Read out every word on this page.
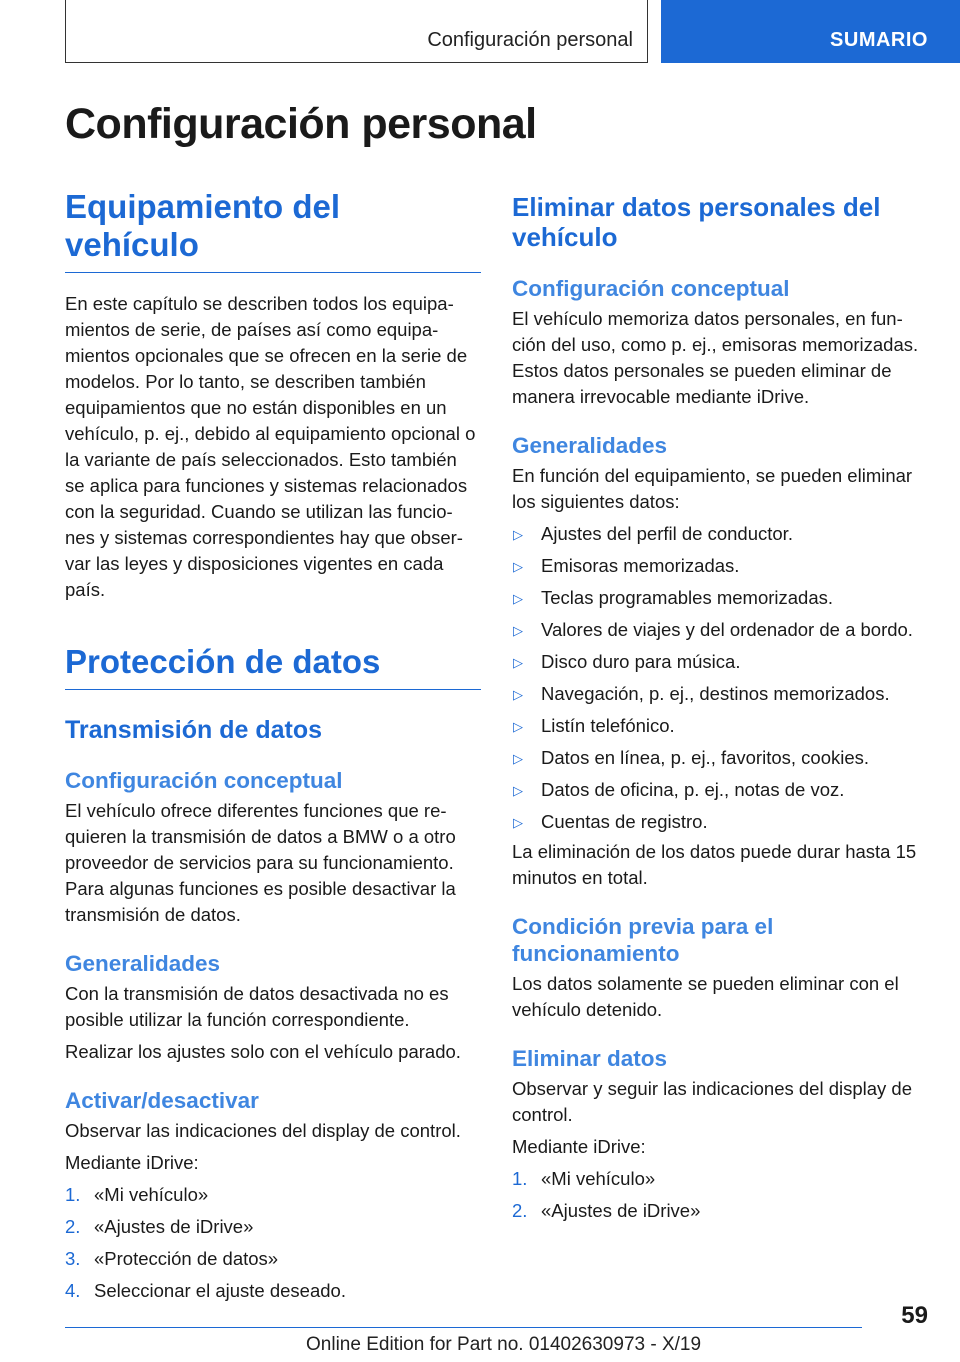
Configuración personal	SUMARIO
Configuración personal
Equipamiento del vehículo

En este capítulo se describen todos los equipa-mientos de serie, de países así como equipa-mientos opcionales que se ofrecen en la serie de modelos. Por lo tanto, se describen también equipamientos que no están disponibles en un vehículo, p. ej., debido al equipamiento opcional o la variante de país seleccionados. Esto también se aplica para funciones y sistemas relacionados con la seguridad. Cuando se utilizan las funcio-nes y sistemas correspondientes hay que obser-var las leyes y disposiciones vigentes en cada país.

Protección de datos
Transmisión de datos
Configuración conceptual

El vehículo ofrece diferentes funciones que re-quieren la transmisión de datos a BMW o a otro proveedor de servicios para su funcionamiento. Para algunas funciones es posible desactivar la transmisión de datos.

Generalidades

Con la transmisión de datos desactivada no es posible utilizar la función correspondiente.

Realizar los ajustes solo con el vehículo parado.

Activar/desactivar

Observar las indicaciones del display de control.

Mediante iDrive:

1. «Mi vehículo»
2. «Ajustes de iDrive»
3. «Protección de datos»
4. Seleccionar el ajuste deseado.
Eliminar datos personales del vehículo
Configuración conceptual

El vehículo memoriza datos personales, en fun-ción del uso, como p. ej., emisoras memorizadas. Estos datos personales se pueden eliminar de manera irrevocable mediante iDrive.

Generalidades

En función del equipamiento, se pueden eliminar los siguientes datos:

▷ Ajustes del perfil de conductor.
▷ Emisoras memorizadas.
▷ Teclas programables memorizadas.
▷ Valores de viajes y del ordenador de a bordo.
▷ Disco duro para música.
▷ Navegación, p. ej., destinos memorizados.
▷ Listín telefónico.
▷ Datos en línea, p. ej., favoritos, cookies.
▷ Datos de oficina, p. ej., notas de voz.
▷ Cuentas de registro.

La eliminación de los datos puede durar hasta 15 minutos en total.

Condición previa para el funcionamiento

Los datos solamente se pueden eliminar con el vehículo detenido.

Eliminar datos

Observar y seguir las indicaciones del display de control.

Mediante iDrive:

1. «Mi vehículo»
2. «Ajustes de iDrive»
59
Online Edition for Part no. 01402630973 - X/19
